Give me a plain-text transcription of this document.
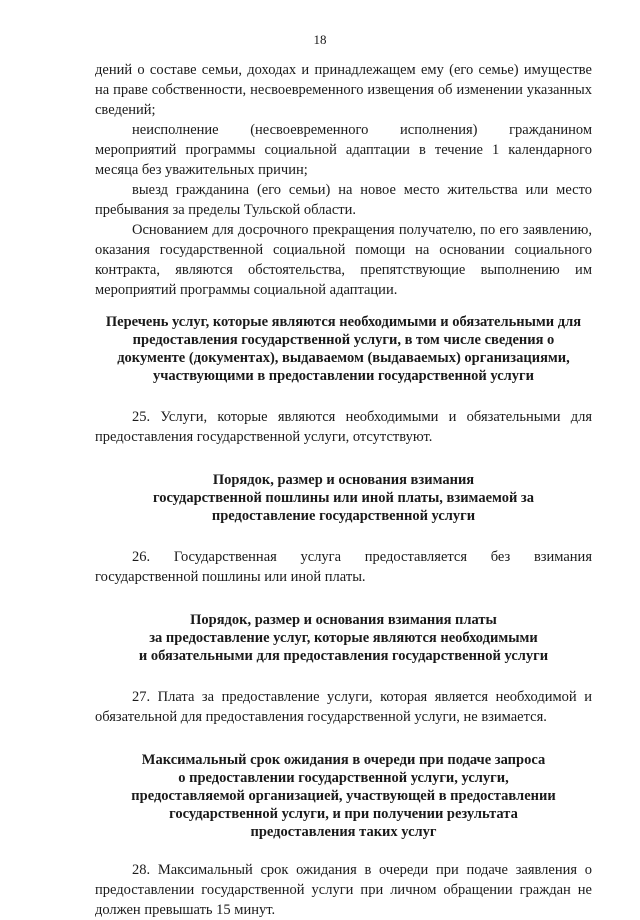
18

дений о составе семьи, доходах и принадлежащем ему (его семье) имуществе на праве собственности, несвоевременного извещения об изменении указанных сведений;

неисполнение (несвоевременного исполнения) гражданином мероприятий программы социальной адаптации в течение 1 календарного месяца без уважительных причин;

выезд гражданина (его семьи) на новое место жительства или место пребывания за пределы Тульской области.

Основанием для досрочного прекращения получателю, по его заявлению, оказания государственной социальной помощи на основании социального контракта, являются обстоятельства, препятствующие выполнению им мероприятий программы социальной адаптации.

Перечень услуг, которые являются необходимыми и обязательными для
предоставления государственной услуги, в том числе сведения о
документе (документах), выдаваемом (выдаваемых) организациями,
участвующими в предоставлении государственной услуги

25. Услуги, которые являются необходимыми и обязательными для предоставления государственной услуги, отсутствуют.

Порядок, размер и основания взимания
государственной пошлины или иной платы, взимаемой за
предоставление государственной услуги

26. Государственная услуга предоставляется без взимания государственной пошлины или иной платы.

Порядок, размер и основания взимания платы
за предоставление услуг, которые являются необходимыми
и обязательными для предоставления государственной услуги

27. Плата за предоставление услуги, которая является необходимой и обязательной для предоставления государственной услуги, не взимается.

Максимальный срок ожидания в очереди при подаче запроса
о предоставлении государственной услуги, услуги,
предоставляемой организацией, участвующей в предоставлении
государственной услуги, и при получении результата
предоставления таких услуг

28. Максимальный срок ожидания в очереди при подаче заявления о предоставлении государственной услуги при личном обращении граждан не должен превышать 15 минут.
